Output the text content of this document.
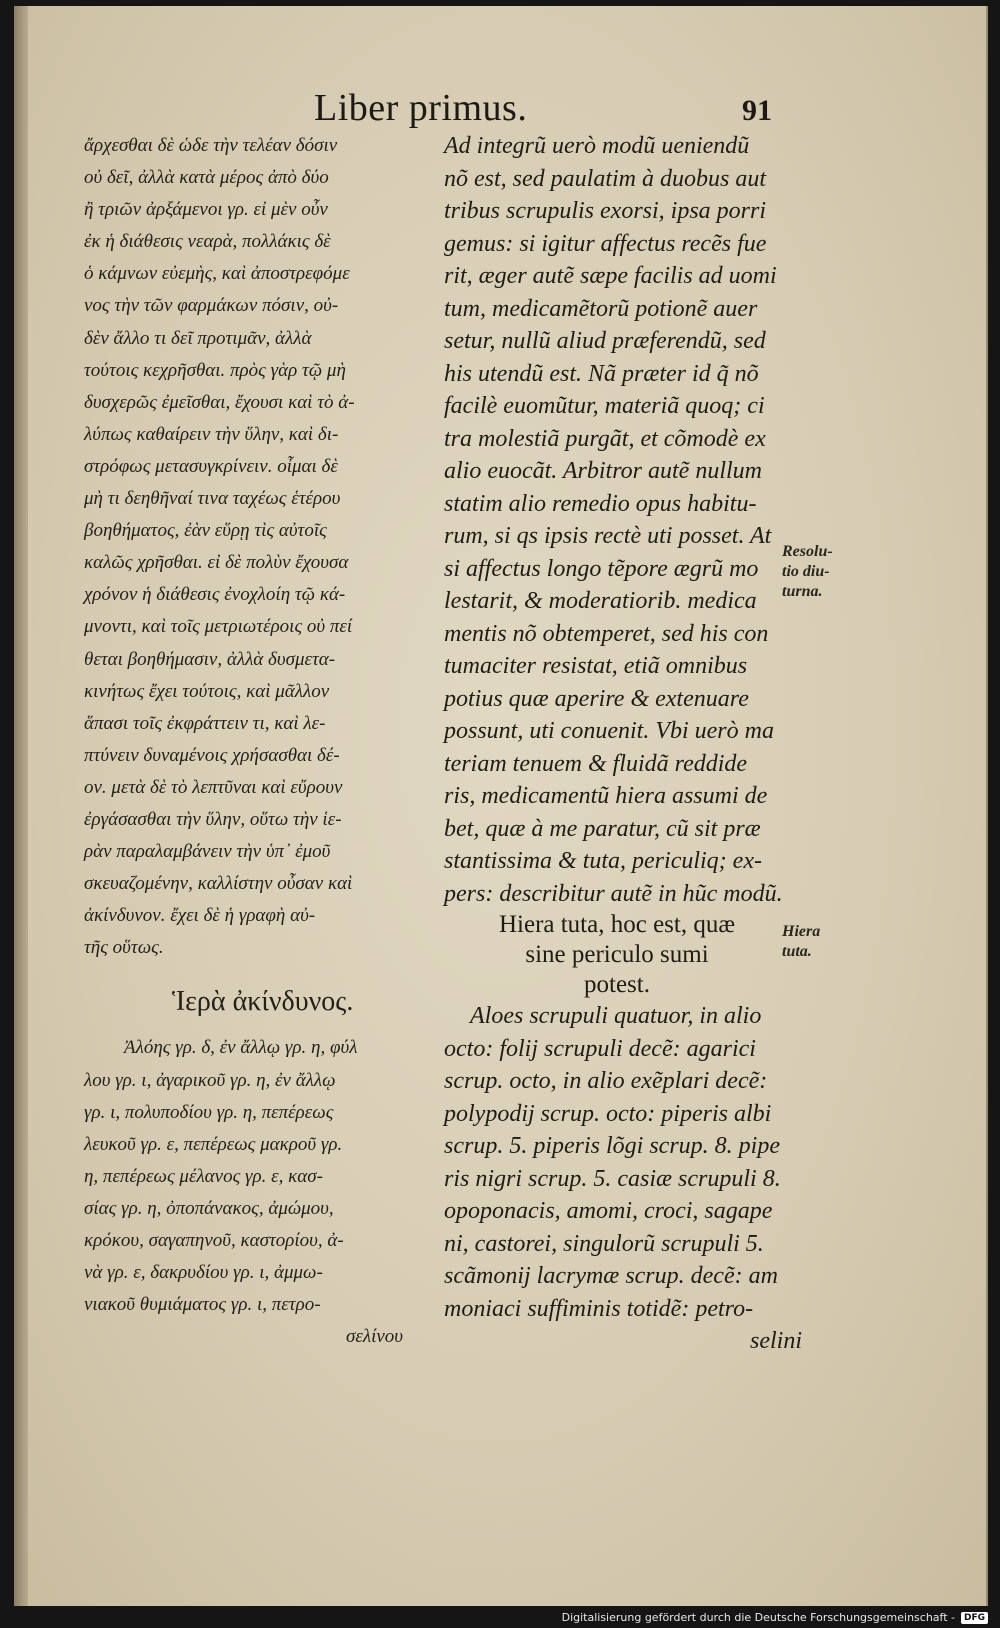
Liber primus.	91
ἄρχεσθαι δὲ ὡδε τὴν τελέαν δόσιν
οὐ δεῖ, ἀλλὰ κατὰ μέρος ἀπὸ δύο
ἢ τριῶν ἀρξάμενοι γρ. εἰ μὲν οὖν
ἐκ ἡ διάθεσις νεαρὰ, πολλάκις δὲ
ὁ κάμνων εὐεμὴς, καὶ ἀποστρεφόμε
νος τὴν τῶν φαρμάκων πόσιν, οὐ-
δὲν ἄλλο τι δεῖ προτιμᾶν, ἀλλὰ
τούτοις κεχρῆσθαι. πρὸς γὰρ τῷ μὴ
δυσχερῶς ἐμεῖσθαι, ἔχουσι καὶ τὸ ἀ-
λύπως καθαίρειν τὴν ὕλην, καὶ δι-
στρόφως μετασυγκρίνειν. οἶμαι δὲ
μὴ τι δεηθῆναί τινα ταχέως ἑτέρου
βοηθήματος, ἐὰν εὕρῃ τὶς αὐτοῖς
καλῶς χρῆσθαι. εἰ δὲ πολὺν ἔχουσα
χρόνον ἡ διάθεσις ἐνοχλοίη τῷ κά-
μνοντι, καὶ τοῖς μετριωτέροις οὐ πεί
θεται βοηθήμασιν, ἀλλὰ δυσμετα-
κινήτως ἔχει τούτοις, καὶ μᾶλλον
ἅπασι τοῖς ἐκφράττειν τι, καὶ λε-
πτύνειν δυναμένοις χρήσασθαι δέ-
ον. μετὰ δὲ τὸ λεπτῦναι καὶ εὔρουν
ἐργάσασθαι τὴν ὕλην, οὕτω τὴν ἱε-
ρὰν παραλαμβάνειν τὴν ὑπ᾽ ἐμοῦ
σκευαζομένην, καλλίστην οὖσαν καὶ
ἀκίνδυνον. ἔχει δὲ ἡ γραφὴ αὐ-
τῆς οὕτως.
Ἱερὰ ἀκίνδυνος.
Ἀλόης γρ. δ, ἐν ἄλλῳ γρ. η, φύλ
λου γρ. ι, ἀγαρικοῦ γρ. η, ἐν ἄλλῳ
γρ. ι, πολυποδίου γρ. η, πεπέρεως
λευκοῦ γρ. ε, πεπέρεως μακροῦ γρ.
η, πεπέρεως μέλανος γρ. ε, κασ-
σίας γρ. η, ὀποπάνακος, ἀμώμου,
κρόκου, σαγαπηνοῦ, καστορίου, ἀ-
νὰ γρ. ε, δακρυδίου γρ. ι, ἀμμω-
νιακοῦ θυμιάματος γρ. ι, πετρο-
σελίνου
Ad integrũ uerò modũ ueniendũ
nõ est, sed paulatim à duobus aut
tribus scrupulis exorsi, ipsa porri
gemus: si igitur affectus recẽs fue
rit, æger autẽ sæpe facilis ad uomi
tum, medicamẽtorũ potionẽ auer
setur, nullũ aliud præferendũ, sed
his utendũ est. Nã præter id q̃ nõ
facilè euomũtur, materiã quoq; ci
tra molestiã purgãt, et cõmodè ex
alio euocãt. Arbitror autẽ nullum
statim alio remedio opus habitu-
rum, si qs ipsis rectè uti posset. At
si affectus longo tẽpore ægrũ mo
lestarit, & moderatiorib. medica
mentis nõ obtemperet, sed his con
tumaciter resistat, etiã omnibus
potius quæ aperire & extenuare
possunt, uti conuenit. Vbi uerò ma
teriam tenuem & fluidã reddide
ris, medicamentũ hiera assumi de
bet, quæ à me paratur, cũ sit præ
stantissima & tuta, periculiq; ex-
pers: describitur autẽ in hũc modũ.
Hiera tuta, hoc est, quæ
sine periculo sumi
potest.
Aloes scrupuli quatuor, in alio
octo: folij scrupuli decẽ: agarici
scrup. octo, in alio exẽplari decẽ:
polypodij scrup. octo: piperis albi
scrup. 5. piperis lõgi scrup. 8. pipe
ris nigri scrup. 5. casiæ scrupuli 8.
opoponacis, amomi, croci, sagape
ni, castorei, singulorũ scrupuli 5.
scãmonij lacrymæ scrup. decẽ: am
moniaci suffiminis totidẽ: petro-
selini
Resolu-
tio diu-
turna.
Hiera
tuta.
Digitalisierung gefördert durch die Deutsche Forschungsgemeinschaft -	DFG
